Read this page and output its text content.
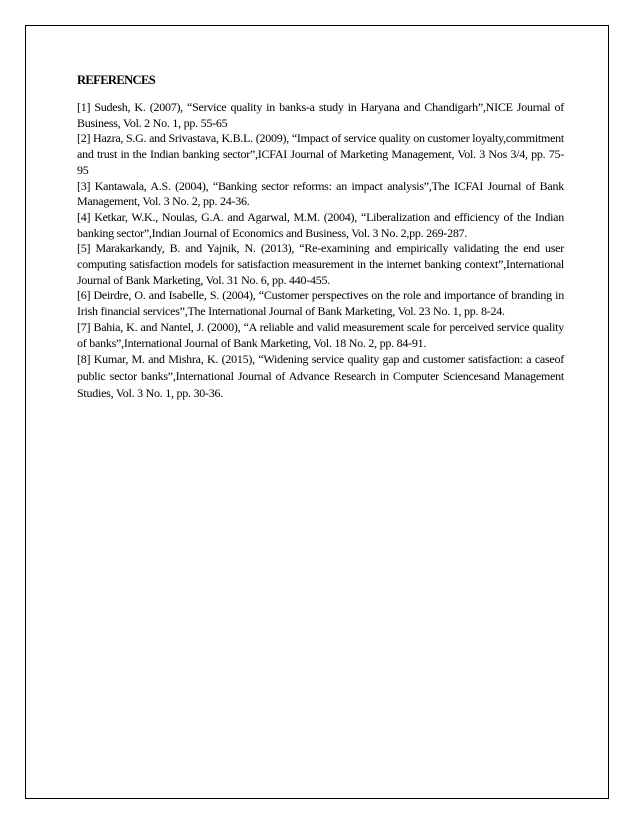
REFERENCES
[1] Sudesh, K. (2007), “Service quality in banks-a study in Haryana and Chandigarh”,NICE Journal of Business, Vol. 2 No. 1, pp. 55-65
[2] Hazra, S.G. and Srivastava, K.B.L. (2009), “Impact of service quality on customer loyalty,commitment and trust in the Indian banking sector”,ICFAI Journal of Marketing Management, Vol. 3 Nos 3/4, pp. 75-95
[3] Kantawala, A.S. (2004), “Banking sector reforms: an impact analysis”,The ICFAI Journal of Bank Management, Vol. 3 No. 2, pp. 24-36.
[4] Ketkar, W.K., Noulas, G.A. and Agarwal, M.M. (2004), “Liberalization and efficiency of the Indian banking sector”,Indian Journal of Economics and Business, Vol. 3 No. 2,pp. 269-287.
[5] Marakarkandy, B. and Yajnik, N. (2013), “Re-examining and empirically validating the end user computing satisfaction models for satisfaction measurement in the internet banking context”,International Journal of Bank Marketing, Vol. 31 No. 6, pp. 440-455.
[6] Deirdre, O. and Isabelle, S. (2004), “Customer perspectives on the role and importance of branding in Irish financial services”,The International Journal of Bank Marketing, Vol. 23 No. 1, pp. 8-24.
[7] Bahia, K. and Nantel, J. (2000), “A reliable and valid measurement scale for perceived service quality of banks”,International Journal of Bank Marketing, Vol. 18 No. 2, pp. 84-91.
[8] Kumar, M. and Mishra, K. (2015), “Widening service quality gap and customer satisfaction: a caseof public sector banks”,International Journal of Advance Research in Computer Sciencesand Management Studies, Vol. 3 No. 1, pp. 30-36.
